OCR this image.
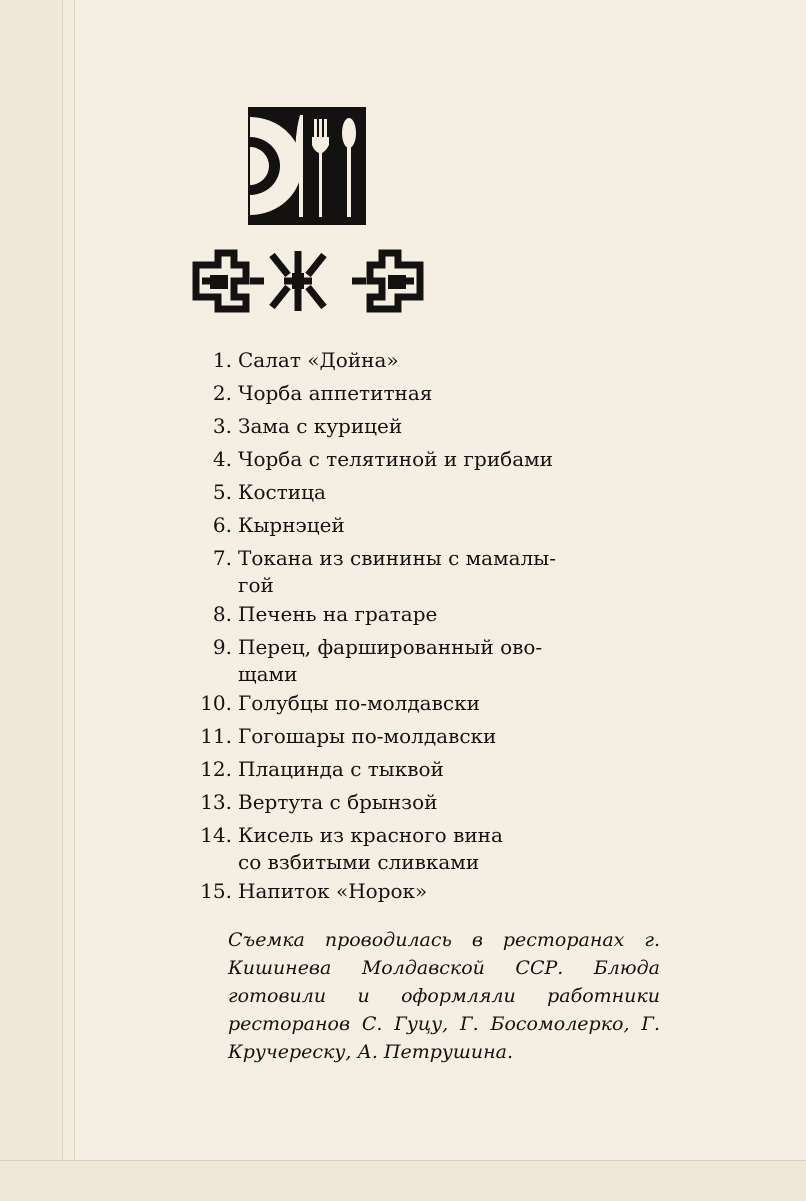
1. Салат «Дойна»
2. Чорба аппетитная
3. Зама с курицей
4. Чорба с телятиной и грибами
5. Костица
6. Кырнэцей
7. Токана из свинины с мамалы-
гой
8. Печень на гратаре
9. Перец, фаршированный ово-
щами
10. Голубцы по-молдавски
11. Гогошары по-молдавски
12. Плацинда с тыквой
13. Вертута с брынзой
14. Кисель из красного вина
со взбитыми сливками
15. Напиток «Норок»

Съемка проводилась в ресторанах г. Кишинева Молдавской ССР. Блюда готовили и оформляли работники ресторанов С. Гуцу, Г. Босомолерко, Г. Кручереску, А. Петрушина.
